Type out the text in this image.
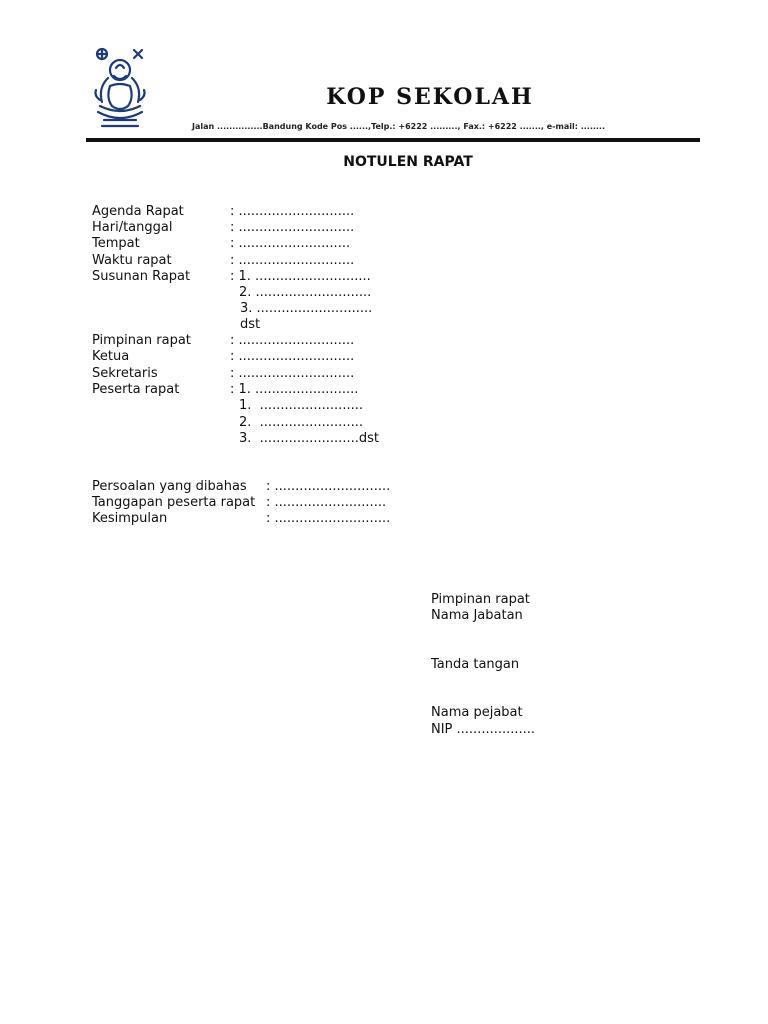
KOP SEKOLAH
Jalan ...............Bandung Kode Pos ......,Telp.: +6222 ........., Fax.: +6222 ......., e-mail: ........
NOTULEN RAPAT
Agenda Rapat	: ............................
Hari/tanggal	: ............................
Tempat	: ...........................
Waktu rapat	: ............................
Susunan Rapat	: 1. ............................
2. ............................
3. ............................
dst
Pimpinan rapat	: ............................
Ketua	: ............................
Sekretaris	: ............................
Peserta rapat	: 1. .........................
1.  .........................
2.  .........................
3.  ........................dst
Persoalan yang dibahas : ............................
Tanggapan peserta rapat : ...........................
Kesimpulan	: ............................
Pimpinan rapat
Nama Jabatan
Tanda tangan
Nama pejabat
NIP ...................
